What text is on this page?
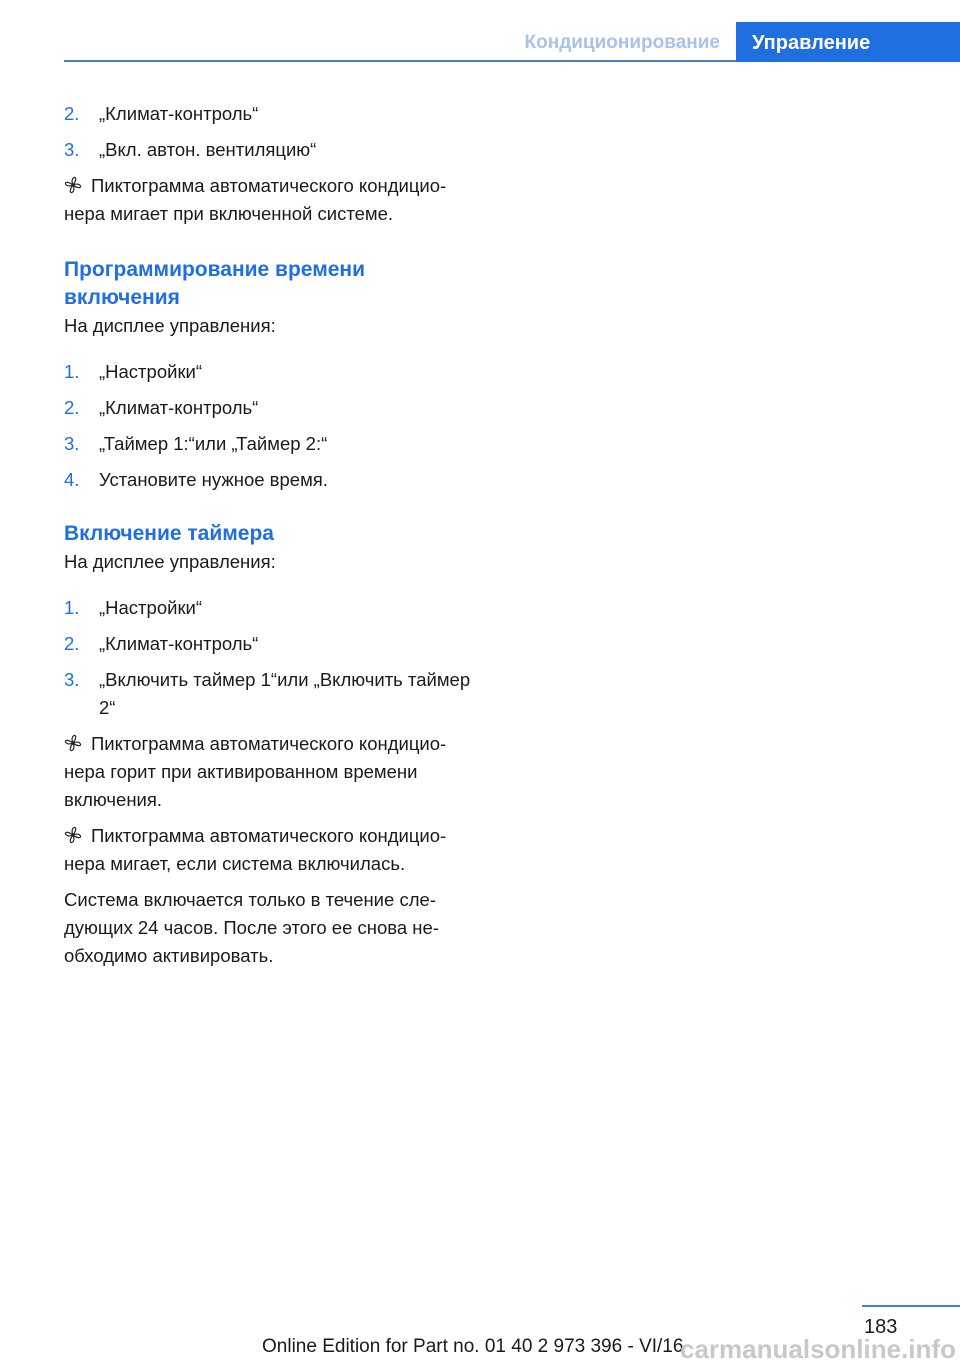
Кондиционирование Управление
2.	„Климат-контроль“
3.	„Вкл. автон. вентиляцию“

Пиктограмма автоматического кондицио-нера мигает при включенной системе.

Программирование времени включения

На дисплее управления:

1.	„Настройки“
2.	„Климат-контроль“
3.	„Таймер 1:“или „Таймер 2:“
4.	Установите нужное время.
Включение таймера

На дисплее управления:

1.	„Настройки“
2.	„Климат-контроль“
3.	„Включить таймер 1“или „Включить таймер 2“

Пиктограмма автоматического кондицио-нера горит при активированном времени включения.

Пиктограмма автоматического кондицио-нера мигает, если система включилась.

Система включается только в течение сле-дующих 24 часов. После этого ее снова не-обходимо активировать.

183
Online Edition for Part no. 01 40 2 973 396 - VI/16
carmanualsonline.info
